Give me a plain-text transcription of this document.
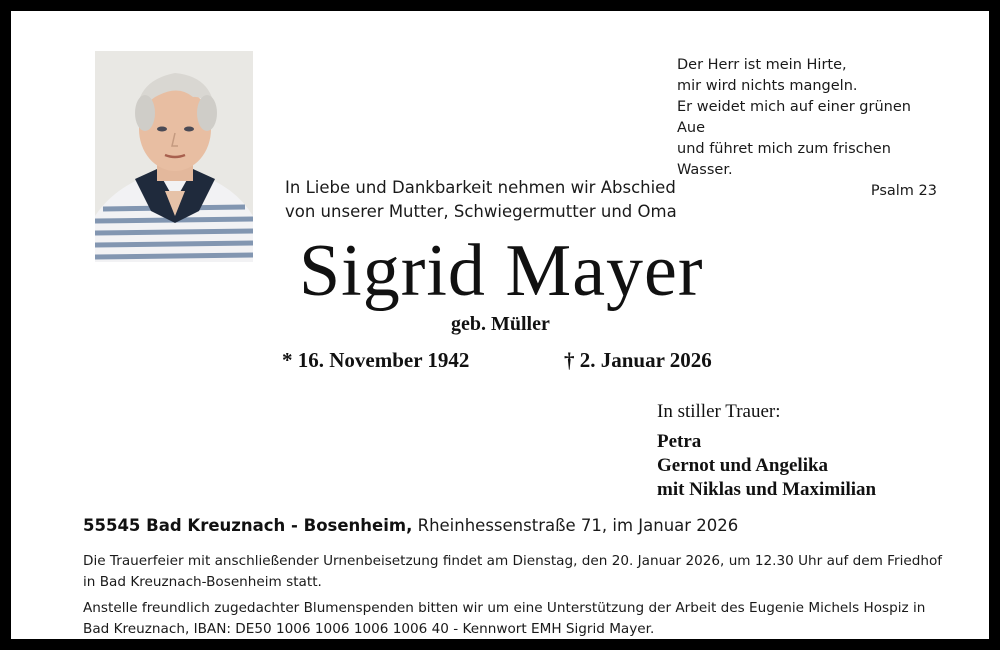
Der Herr ist mein Hirte,
mir wird nichts mangeln.
Er weidet mich auf einer grünen Aue
und führet mich zum frischen Wasser.
Psalm 23
In Liebe und Dankbarkeit nehmen wir Abschied
von unserer Mutter, Schwiegermutter und Oma
Sigrid Mayer
geb. Müller
* 16. November 1942	† 2. Januar 2026
In stiller Trauer:
Petra
Gernot und Angelika
mit Niklas und Maximilian
55545 Bad Kreuznach - Bosenheim, Rheinhessenstraße 71, im Januar 2026

Die Trauerfeier mit anschließender Urnenbeisetzung findet am Dienstag, den 20. Januar 2026, um 12.30 Uhr auf dem Friedhof in Bad Kreuznach-Bosenheim statt.

Anstelle freundlich zugedachter Blumenspenden bitten wir um eine Unterstützung der Arbeit des Eugenie Michels Hospiz in Bad Kreuznach, IBAN: DE50 1006 1006 1006 1006 40 - Kennwort EMH Sigrid Mayer.
